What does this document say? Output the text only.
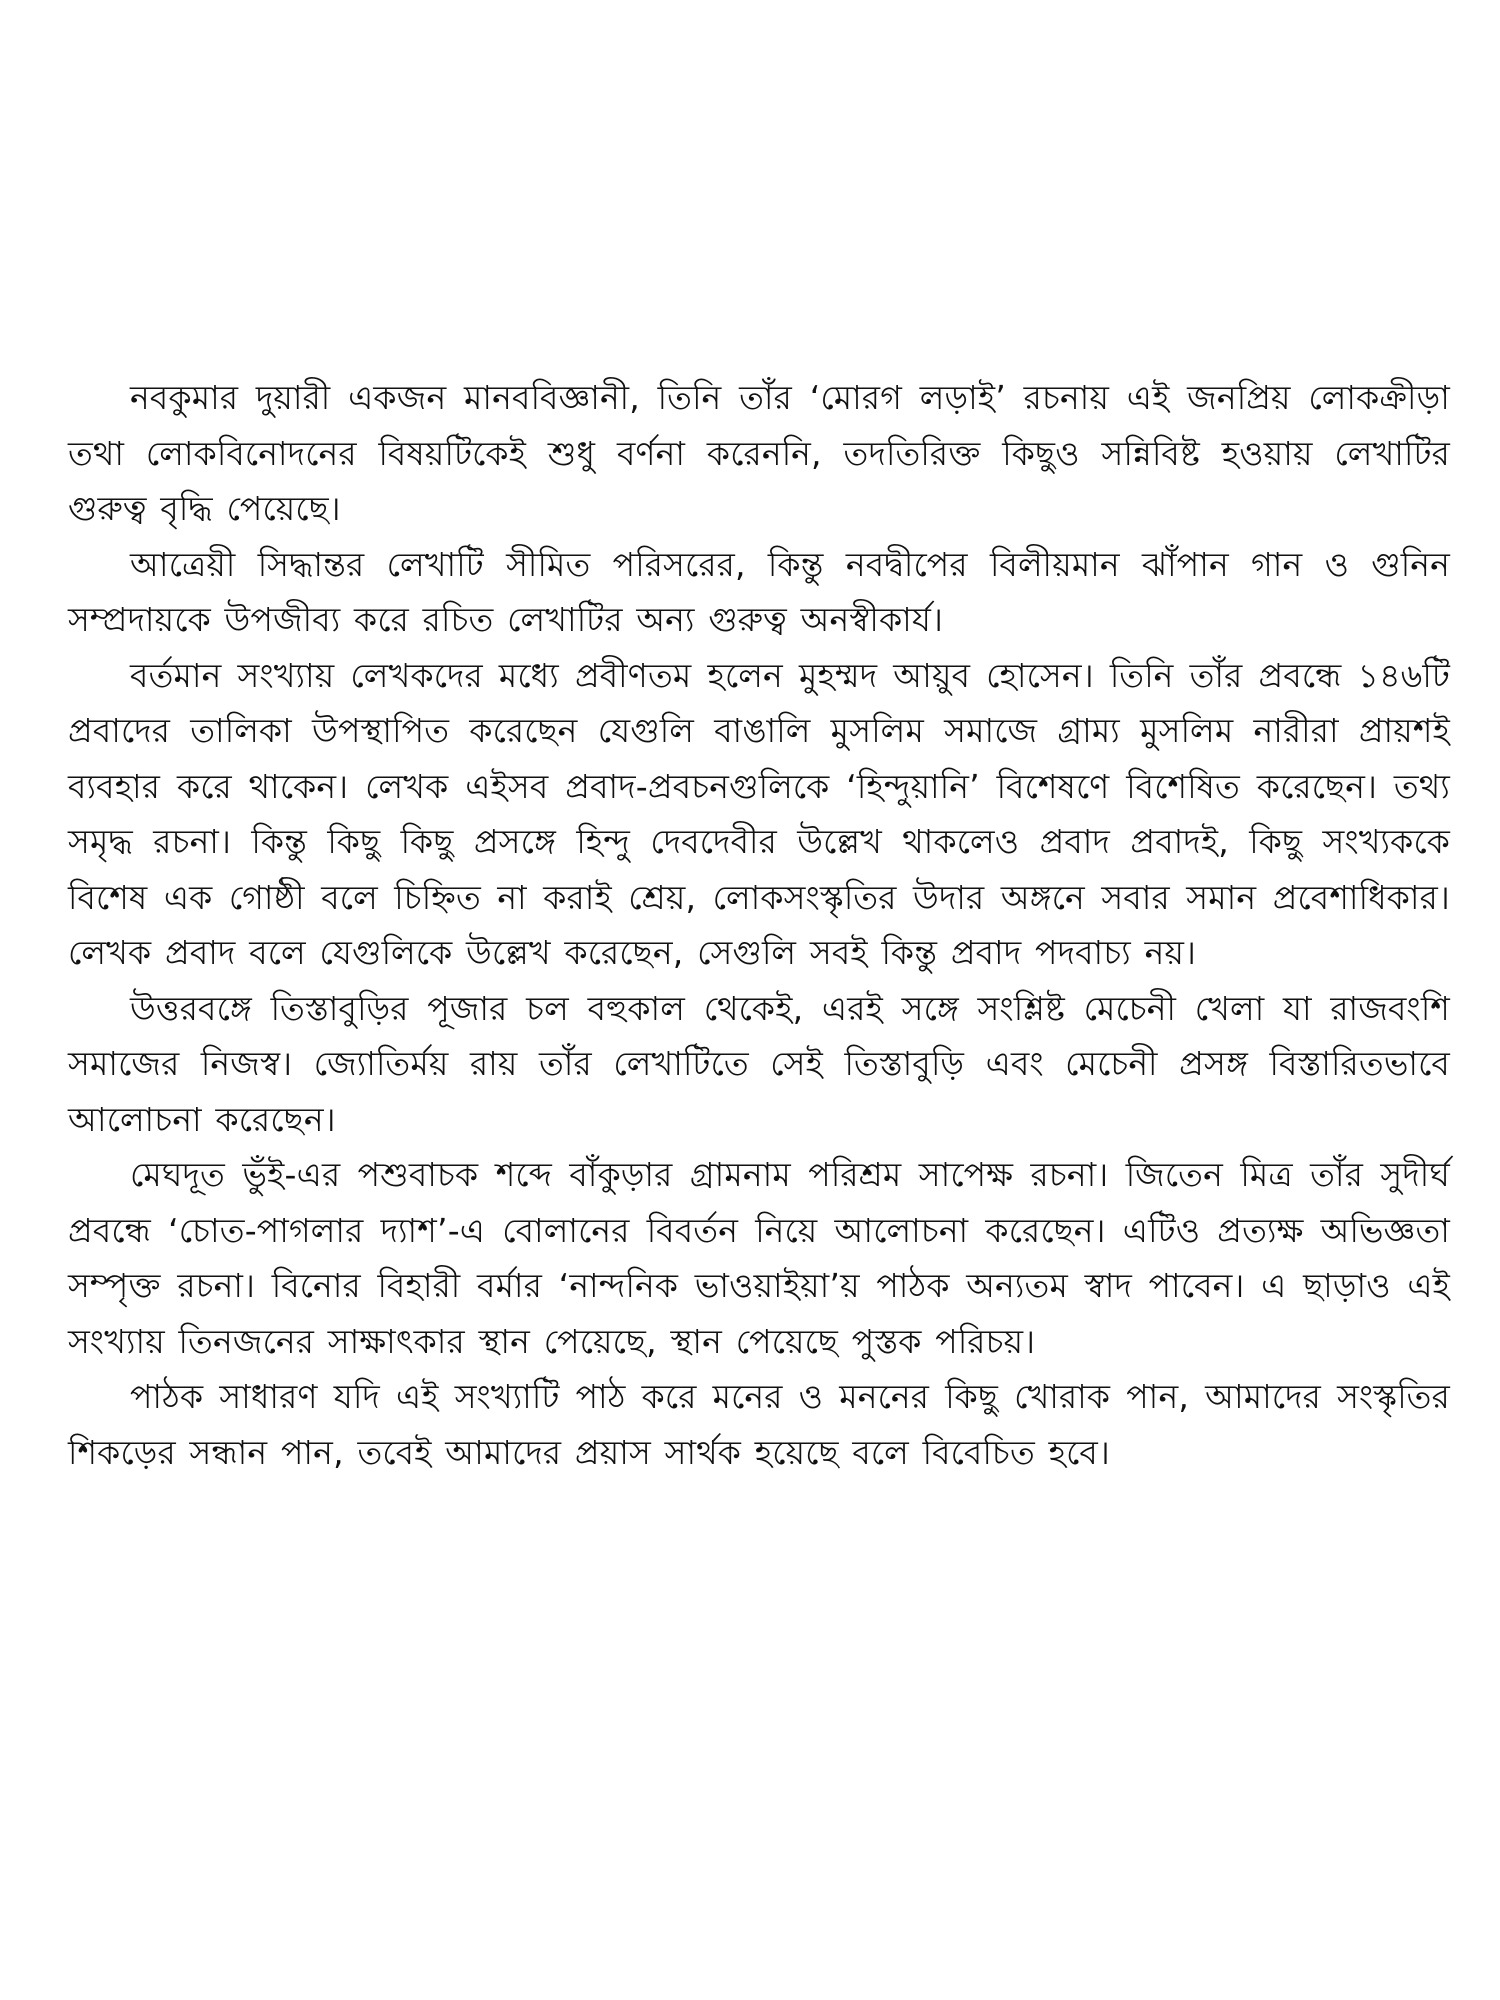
নবকুমার দুয়ারী একজন মানববিজ্ঞানী, তিনি তাঁর ‘মোরগ লড়াই’ রচনায় এই জনপ্রিয় লোকক্রীড়া তথা লোকবিনোদনের বিষয়টিকেই শুধু বর্ণনা করেননি, তদতিরিক্ত কিছুও সন্নিবিষ্ট হওয়ায় লেখাটির গুরুত্ব বৃদ্ধি পেয়েছে।

আত্রেয়ী সিদ্ধান্তর লেখাটি সীমিত পরিসরের, কিন্তু নবদ্বীপের বিলীয়মান ঝাঁপান গান ও গুনিন সম্প্রদায়কে উপজীব্য করে রচিত লেখাটির অন্য গুরুত্ব অনস্বীকার্য।

বর্তমান সংখ্যায় লেখকদের মধ্যে প্রবীণতম হলেন মুহম্মদ আয়ুব হোসেন। তিনি তাঁর প্রবন্ধে ১৪৬টি প্রবাদের তালিকা উপস্থাপিত করেছেন যেগুলি বাঙালি মুসলিম সমাজে গ্রাম্য মুসলিম নারীরা প্রায়শই ব্যবহার করে থাকেন। লেখক এইসব প্রবাদ-প্রবচনগুলিকে ‘হিন্দুয়ানি’ বিশেষণে বিশেষিত করেছেন। তথ্য সমৃদ্ধ রচনা। কিন্তু কিছু কিছু প্রসঙ্গে হিন্দু দেবদেবীর উল্লেখ থাকলেও প্রবাদ প্রবাদই, কিছু সংখ্যককে বিশেষ এক গোষ্ঠী বলে চিহ্নিত না করাই শ্রেয়, লোকসংস্কৃতির উদার অঙ্গনে সবার সমান প্রবেশাধিকার। লেখক প্রবাদ বলে যেগুলিকে উল্লেখ করেছেন, সেগুলি সবই কিন্তু প্রবাদ পদবাচ্য নয়।

উত্তরবঙ্গে তিস্তাবুড়ির পূজার চল বহুকাল থেকেই, এরই সঙ্গে সংশ্লিষ্ট মেচেনী খেলা যা রাজবংশি সমাজের নিজস্ব। জ্যোতির্ময় রায় তাঁর লেখাটিতে সেই তিস্তাবুড়ি এবং মেচেনী প্রসঙ্গ বিস্তারিতভাবে আলোচনা করেছেন।

মেঘদূত ভুঁই-এর পশুবাচক শব্দে বাঁকুড়ার গ্রামনাম পরিশ্রম সাপেক্ষ রচনা। জিতেন মিত্র তাঁর সুদীর্ঘ প্রবন্ধে ‘চোত-পাগলার দ্যাশ’-এ বোলানের বিবর্তন নিয়ে আলোচনা করেছেন। এটিও প্রত্যক্ষ অভিজ্ঞতা সম্পৃক্ত রচনা। বিনোর বিহারী বর্মার ‘নান্দনিক ভাওয়াইয়া’য় পাঠক অন্যতম স্বাদ পাবেন। এ ছাড়াও এই সংখ্যায় তিনজনের সাক্ষাৎকার স্থান পেয়েছে, স্থান পেয়েছে পুস্তক পরিচয়।

পাঠক সাধারণ যদি এই সংখ্যাটি পাঠ করে মনের ও মননের কিছু খোরাক পান, আমাদের সংস্কৃতির শিকড়ের সন্ধান পান, তবেই আমাদের প্রয়াস সার্থক হয়েছে বলে বিবেচিত হবে।
